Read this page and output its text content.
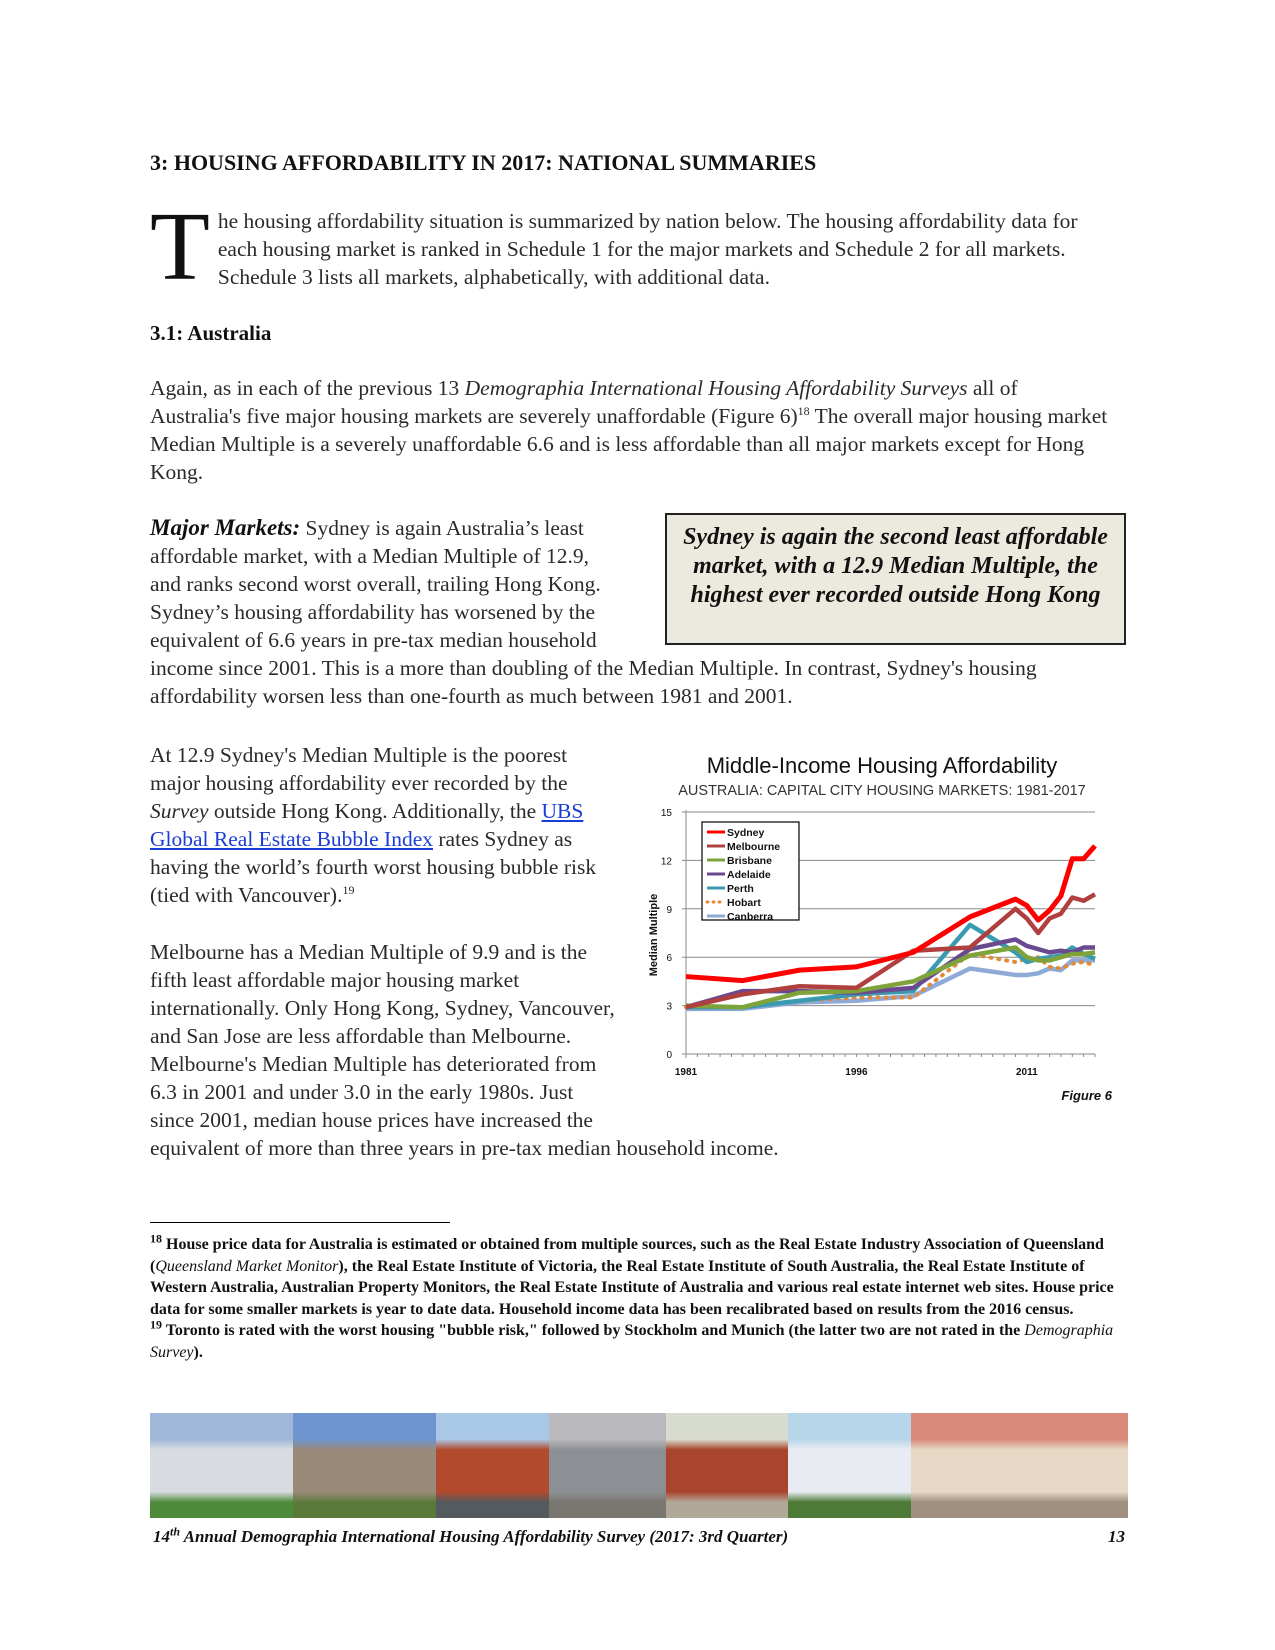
3: HOUSING AFFORDABILITY IN 2017: NATIONAL SUMMARIES
T he housing affordability situation is summarized by nation below. The housing affordability data for each housing market is ranked in Schedule 1 for the major markets and Schedule 2 for all markets. Schedule 3 lists all markets, alphabetically, with additional data.
3.1: Australia

Again, as in each of the previous 13 Demographia International Housing Affordability Surveys all of Australia's five major housing markets are severely unaffordable (Figure 6)$^{18}$ The overall major housing market Median Multiple is a severely unaffordable 6.6 and is less affordable than all major markets except for Hong Kong.

Sydney is again the second least affordable market, with a 12.9 Median Multiple, the highest ever recorded outside Hong Kong

Major Markets: Sydney is again Australia’s least affordable market, with a Median Multiple of 12.9, and ranks second worst overall, trailing Hong Kong. Sydney’s housing affordability has worsened by the equivalent of 6.6 years in pre-tax median household income since 2001. This is a more than doubling of the Median Multiple. In contrast, Sydney's housing affordability worsen less than one-fourth as much between 1981 and 2001.

At 12.9 Sydney's Median Multiple is the poorest major housing affordability ever recorded by the Survey outside Hong Kong. Additionally, the UBS Global Real Estate Bubble Index rates Sydney as having the world’s fourth worst housing bubble risk (tied with Vancouver).$^{19}$

Melbourne has a Median Multiple of 9.9 and is the fifth least affordable major housing market internationally. Only Hong Kong, Sydney, Vancouver, and San Jose are less affordable than Melbourne. Melbourne's Median Multiple has deteriorated from 6.3 in 2001 and under 3.0 in the early 1980s. Just since 2001, median house prices have increased the equivalent of more than three years in pre-tax median household income.

Middle-Income Housing Affordability
AUSTRALIA: CAPITAL CITY HOUSING MARKETS: 1981-2017
Median Multiple
0
3
6
9
12
15
1981	1996	2011
Sydney
Melbourne
Brisbane
Adelaide
Perth
Hobart
Canberra
Figure 6
$^{18}$ House price data for Australia is estimated or obtained from multiple sources, such as the Real Estate Industry Association of Queensland (Queensland Market Monitor), the Real Estate Institute of Victoria, the Real Estate Institute of South Australia, the Real Estate Institute of Western Australia, Australian Property Monitors, the Real Estate Institute of Australia and various real estate internet web sites. House price data for some smaller markets is year to date data. Household income data has been recalibrated based on results from the 2016 census.
$^{19}$ Toronto is rated with the worst housing "bubble risk," followed by Stockholm and Munich (the latter two are not rated in the Demographia Survey).
14th Annual Demographia International Housing Affordability Survey (2017: 3rd Quarter)	13
